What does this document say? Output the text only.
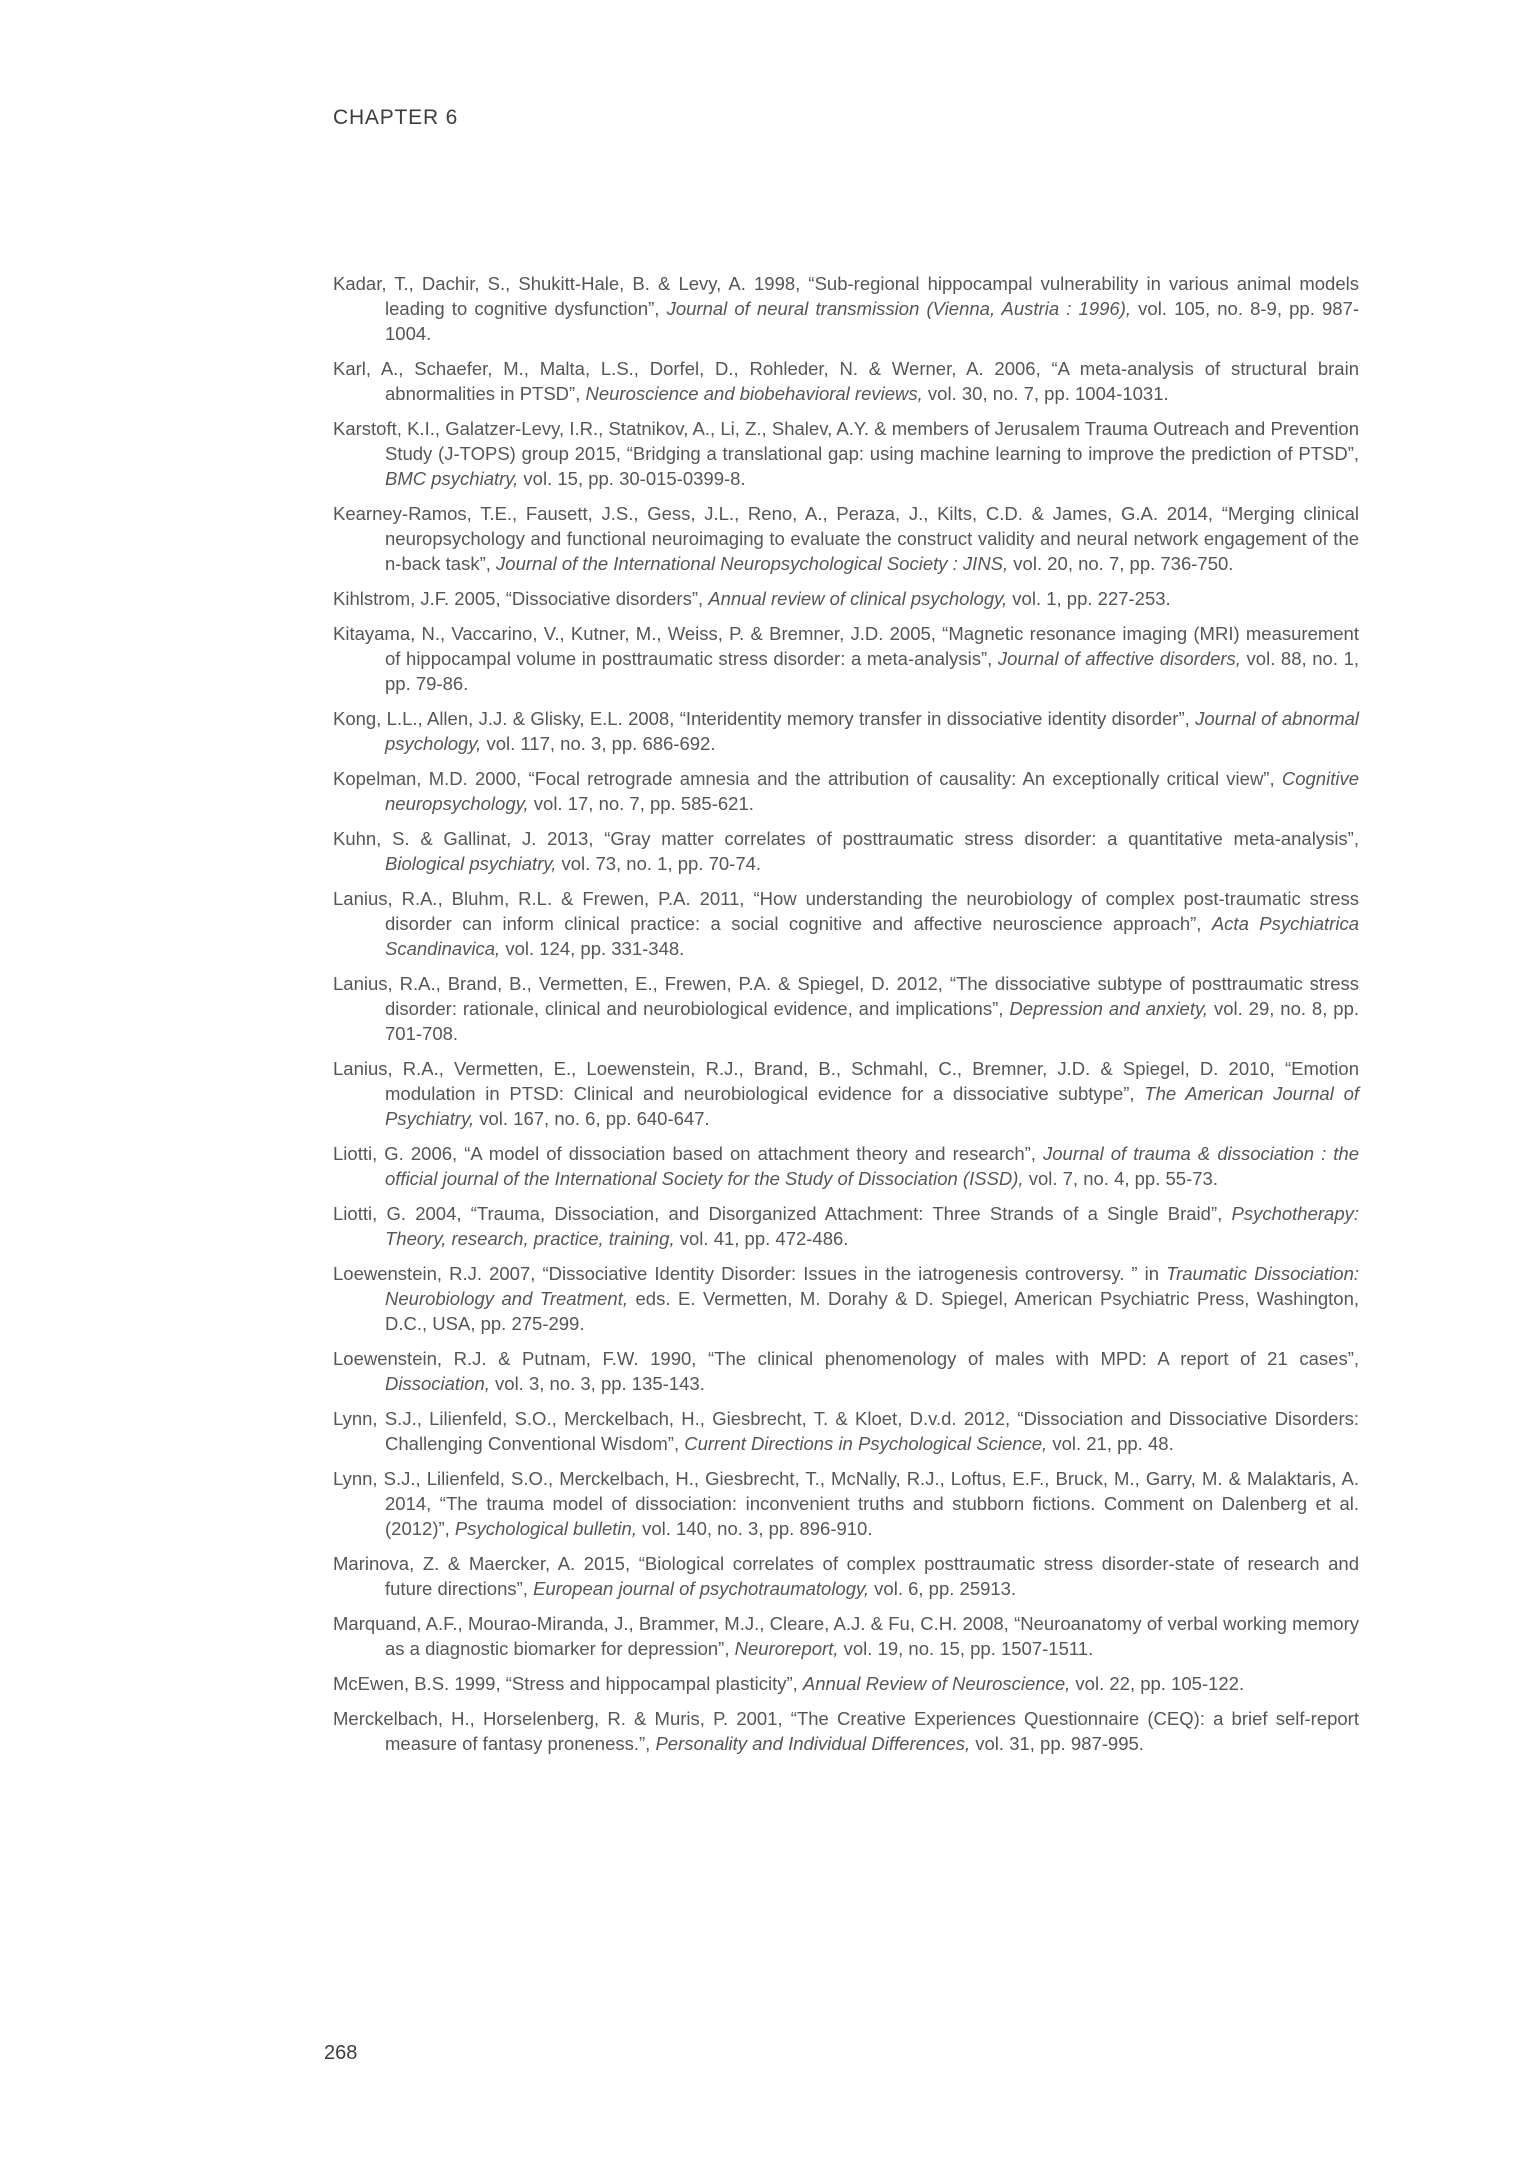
CHAPTER 6

Kadar, T., Dachir, S., Shukitt-Hale, B. & Levy, A. 1998, “Sub-regional hippocampal vulnerability in various animal models leading to cognitive dysfunction”, Journal of neural transmission (Vienna, Austria : 1996), vol. 105, no. 8-9, pp. 987-1004.

Karl, A., Schaefer, M., Malta, L.S., Dorfel, D., Rohleder, N. & Werner, A. 2006, “A meta-analysis of structural brain abnormalities in PTSD”, Neuroscience and biobehavioral reviews, vol. 30, no. 7, pp. 1004-1031.

Karstoft, K.I., Galatzer-Levy, I.R., Statnikov, A., Li, Z., Shalev, A.Y. & members of Jerusalem Trauma Outreach and Prevention Study (J-TOPS) group 2015, “Bridging a translational gap: using machine learning to improve the prediction of PTSD”, BMC psychiatry, vol. 15, pp. 30-015-0399-8.

Kearney-Ramos, T.E., Fausett, J.S., Gess, J.L., Reno, A., Peraza, J., Kilts, C.D. & James, G.A. 2014, “Merging clinical neuropsychology and functional neuroimaging to evaluate the construct validity and neural network engagement of the n-back task”, Journal of the International Neuropsychological Society : JINS, vol. 20, no. 7, pp. 736-750.

Kihlstrom, J.F. 2005, “Dissociative disorders”, Annual review of clinical psychology, vol. 1, pp. 227-253.

Kitayama, N., Vaccarino, V., Kutner, M., Weiss, P. & Bremner, J.D. 2005, “Magnetic resonance imaging (MRI) measurement of hippocampal volume in posttraumatic stress disorder: a meta-analysis”, Journal of affective disorders, vol. 88, no. 1, pp. 79-86.

Kong, L.L., Allen, J.J. & Glisky, E.L. 2008, “Interidentity memory transfer in dissociative identity disorder”, Journal of abnormal psychology, vol. 117, no. 3, pp. 686-692.

Kopelman, M.D. 2000, “Focal retrograde amnesia and the attribution of causality: An exceptionally critical view”, Cognitive neuropsychology, vol. 17, no. 7, pp. 585-621.

Kuhn, S. & Gallinat, J. 2013, “Gray matter correlates of posttraumatic stress disorder: a quantitative meta-analysis”, Biological psychiatry, vol. 73, no. 1, pp. 70-74.

Lanius, R.A., Bluhm, R.L. & Frewen, P.A. 2011, “How understanding the neurobiology of complex post-traumatic stress disorder can inform clinical practice: a social cognitive and affective neuroscience approach”, Acta Psychiatrica Scandinavica, vol. 124, pp. 331-348.

Lanius, R.A., Brand, B., Vermetten, E., Frewen, P.A. & Spiegel, D. 2012, “The dissociative subtype of posttraumatic stress disorder: rationale, clinical and neurobiological evidence, and implications”, Depression and anxiety, vol. 29, no. 8, pp. 701-708.

Lanius, R.A., Vermetten, E., Loewenstein, R.J., Brand, B., Schmahl, C., Bremner, J.D. & Spiegel, D. 2010, “Emotion modulation in PTSD: Clinical and neurobiological evidence for a dissociative subtype”, The American Journal of Psychiatry, vol. 167, no. 6, pp. 640-647.

Liotti, G. 2006, “A model of dissociation based on attachment theory and research”, Journal of trauma & dissociation : the official journal of the International Society for the Study of Dissociation (ISSD), vol. 7, no. 4, pp. 55-73.

Liotti, G. 2004, “Trauma, Dissociation, and Disorganized Attachment: Three Strands of a Single Braid”, Psychotherapy: Theory, research, practice, training, vol. 41, pp. 472-486.

Loewenstein, R.J. 2007, “Dissociative Identity Disorder: Issues in the iatrogenesis controversy. ” in Traumatic Dissociation: Neurobiology and Treatment, eds. E. Vermetten, M. Dorahy & D. Spiegel, American Psychiatric Press, Washington, D.C., USA, pp. 275-299.

Loewenstein, R.J. & Putnam, F.W. 1990, “The clinical phenomenology of males with MPD: A report of 21 cases”, Dissociation, vol. 3, no. 3, pp. 135-143.

Lynn, S.J., Lilienfeld, S.O., Merckelbach, H., Giesbrecht, T. & Kloet, D.v.d. 2012, “Dissociation and Dissociative Disorders: Challenging Conventional Wisdom”, Current Directions in Psychological Science, vol. 21, pp. 48.

Lynn, S.J., Lilienfeld, S.O., Merckelbach, H., Giesbrecht, T., McNally, R.J., Loftus, E.F., Bruck, M., Garry, M. & Malaktaris, A. 2014, “The trauma model of dissociation: inconvenient truths and stubborn fictions. Comment on Dalenberg et al. (2012)”, Psychological bulletin, vol. 140, no. 3, pp. 896-910.

Marinova, Z. & Maercker, A. 2015, “Biological correlates of complex posttraumatic stress disorder-state of research and future directions”, European journal of psychotraumatology, vol. 6, pp. 25913.

Marquand, A.F., Mourao-Miranda, J., Brammer, M.J., Cleare, A.J. & Fu, C.H. 2008, “Neuroanatomy of verbal working memory as a diagnostic biomarker for depression”, Neuroreport, vol. 19, no. 15, pp. 1507-1511.

McEwen, B.S. 1999, “Stress and hippocampal plasticity”, Annual Review of Neuroscience, vol. 22, pp. 105-122.

Merckelbach, H., Horselenberg, R. & Muris, P. 2001, “The Creative Experiences Questionnaire (CEQ): a brief self-report measure of fantasy proneness.”, Personality and Individual Differences, vol. 31, pp. 987-995.

268
